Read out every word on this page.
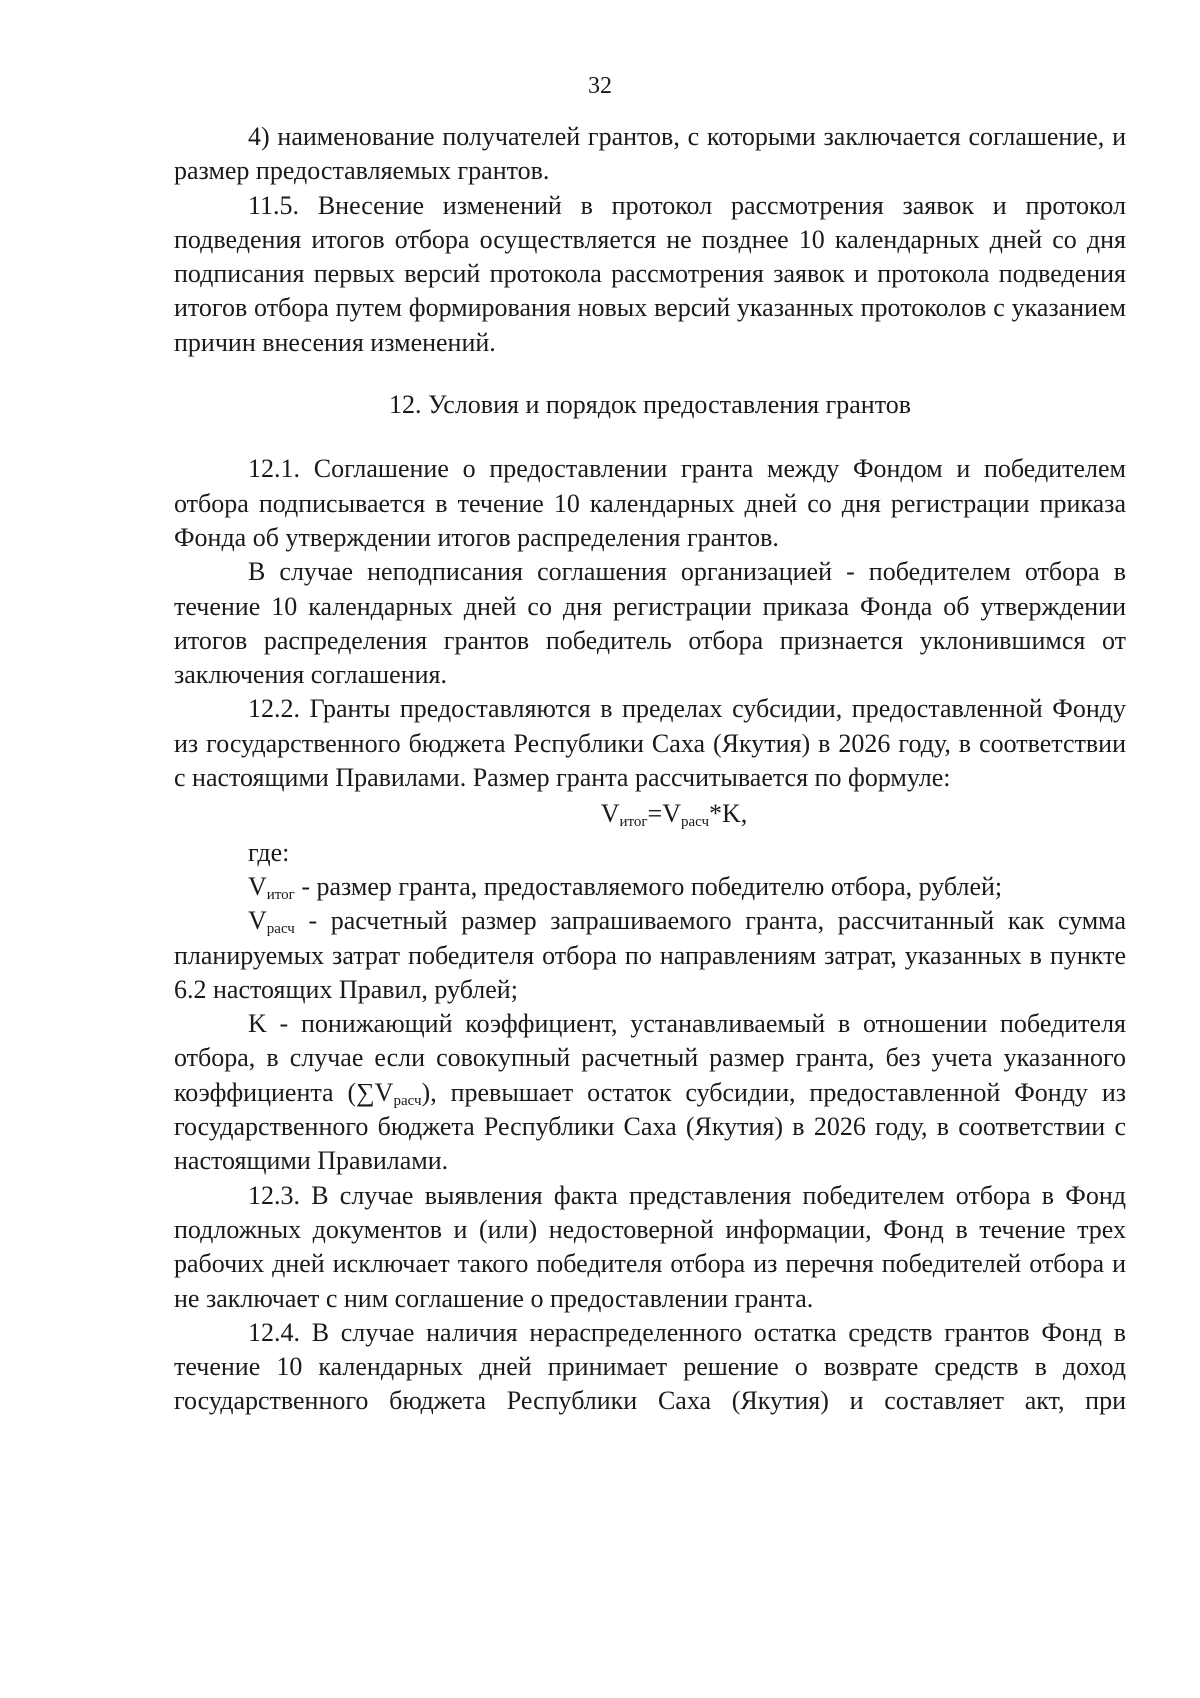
32

4) наименование получателей грантов, с которыми заключается соглашение, и размер предоставляемых грантов.

11.5. Внесение изменений в протокол рассмотрения заявок и протокол подведения итогов отбора осуществляется не позднее 10 календарных дней со дня подписания первых версий протокола рассмотрения заявок и протокола подведения итогов отбора путем формирования новых версий указанных протоколов с указанием причин внесения изменений.

12. Условия и порядок предоставления грантов

12.1. Соглашение о предоставлении гранта между Фондом и победителем отбора подписывается в течение 10 календарных дней со дня регистрации приказа Фонда об утверждении итогов распределения грантов.

В случае неподписания соглашения организацией - победителем отбора в течение 10 календарных дней со дня регистрации приказа Фонда об утверждении итогов распределения грантов победитель отбора признается уклонившимся от заключения соглашения.

12.2. Гранты предоставляются в пределах субсидии, предоставленной Фонду из государственного бюджета Республики Саха (Якутия) в 2026 году, в соответствии с настоящими Правилами. Размер гранта рассчитывается по формуле:

$V_{итог}=V_{расч}*K$,

где:

$V_{итог}$ - размер гранта, предоставляемого победителю отбора, рублей;

$V_{расч}$ - расчетный размер запрашиваемого гранта, рассчитанный как сумма планируемых затрат победителя отбора по направлениям затрат, указанных в пункте 6.2 настоящих Правил, рублей;

K - понижающий коэффициент, устанавливаемый в отношении победителя отбора, в случае если совокупный расчетный размер гранта, без учета указанного коэффициента $(\sum V_{расч})$, превышает остаток субсидии, предоставленной Фонду из государственного бюджета Республики Саха (Якутия) в 2026 году, в соответствии с настоящими Правилами.

12.3. В случае выявления факта представления победителем отбора в Фонд подложных документов и (или) недостоверной информации, Фонд в течение трех рабочих дней исключает такого победителя отбора из перечня победителей отбора и не заключает с ним соглашение о предоставлении гранта.

12.4. В случае наличия нераспределенного остатка средств грантов Фонд в течение 10 календарных дней принимает решение о возврате средств в доход государственного бюджета Республики Саха (Якутия) и составляет акт, при
